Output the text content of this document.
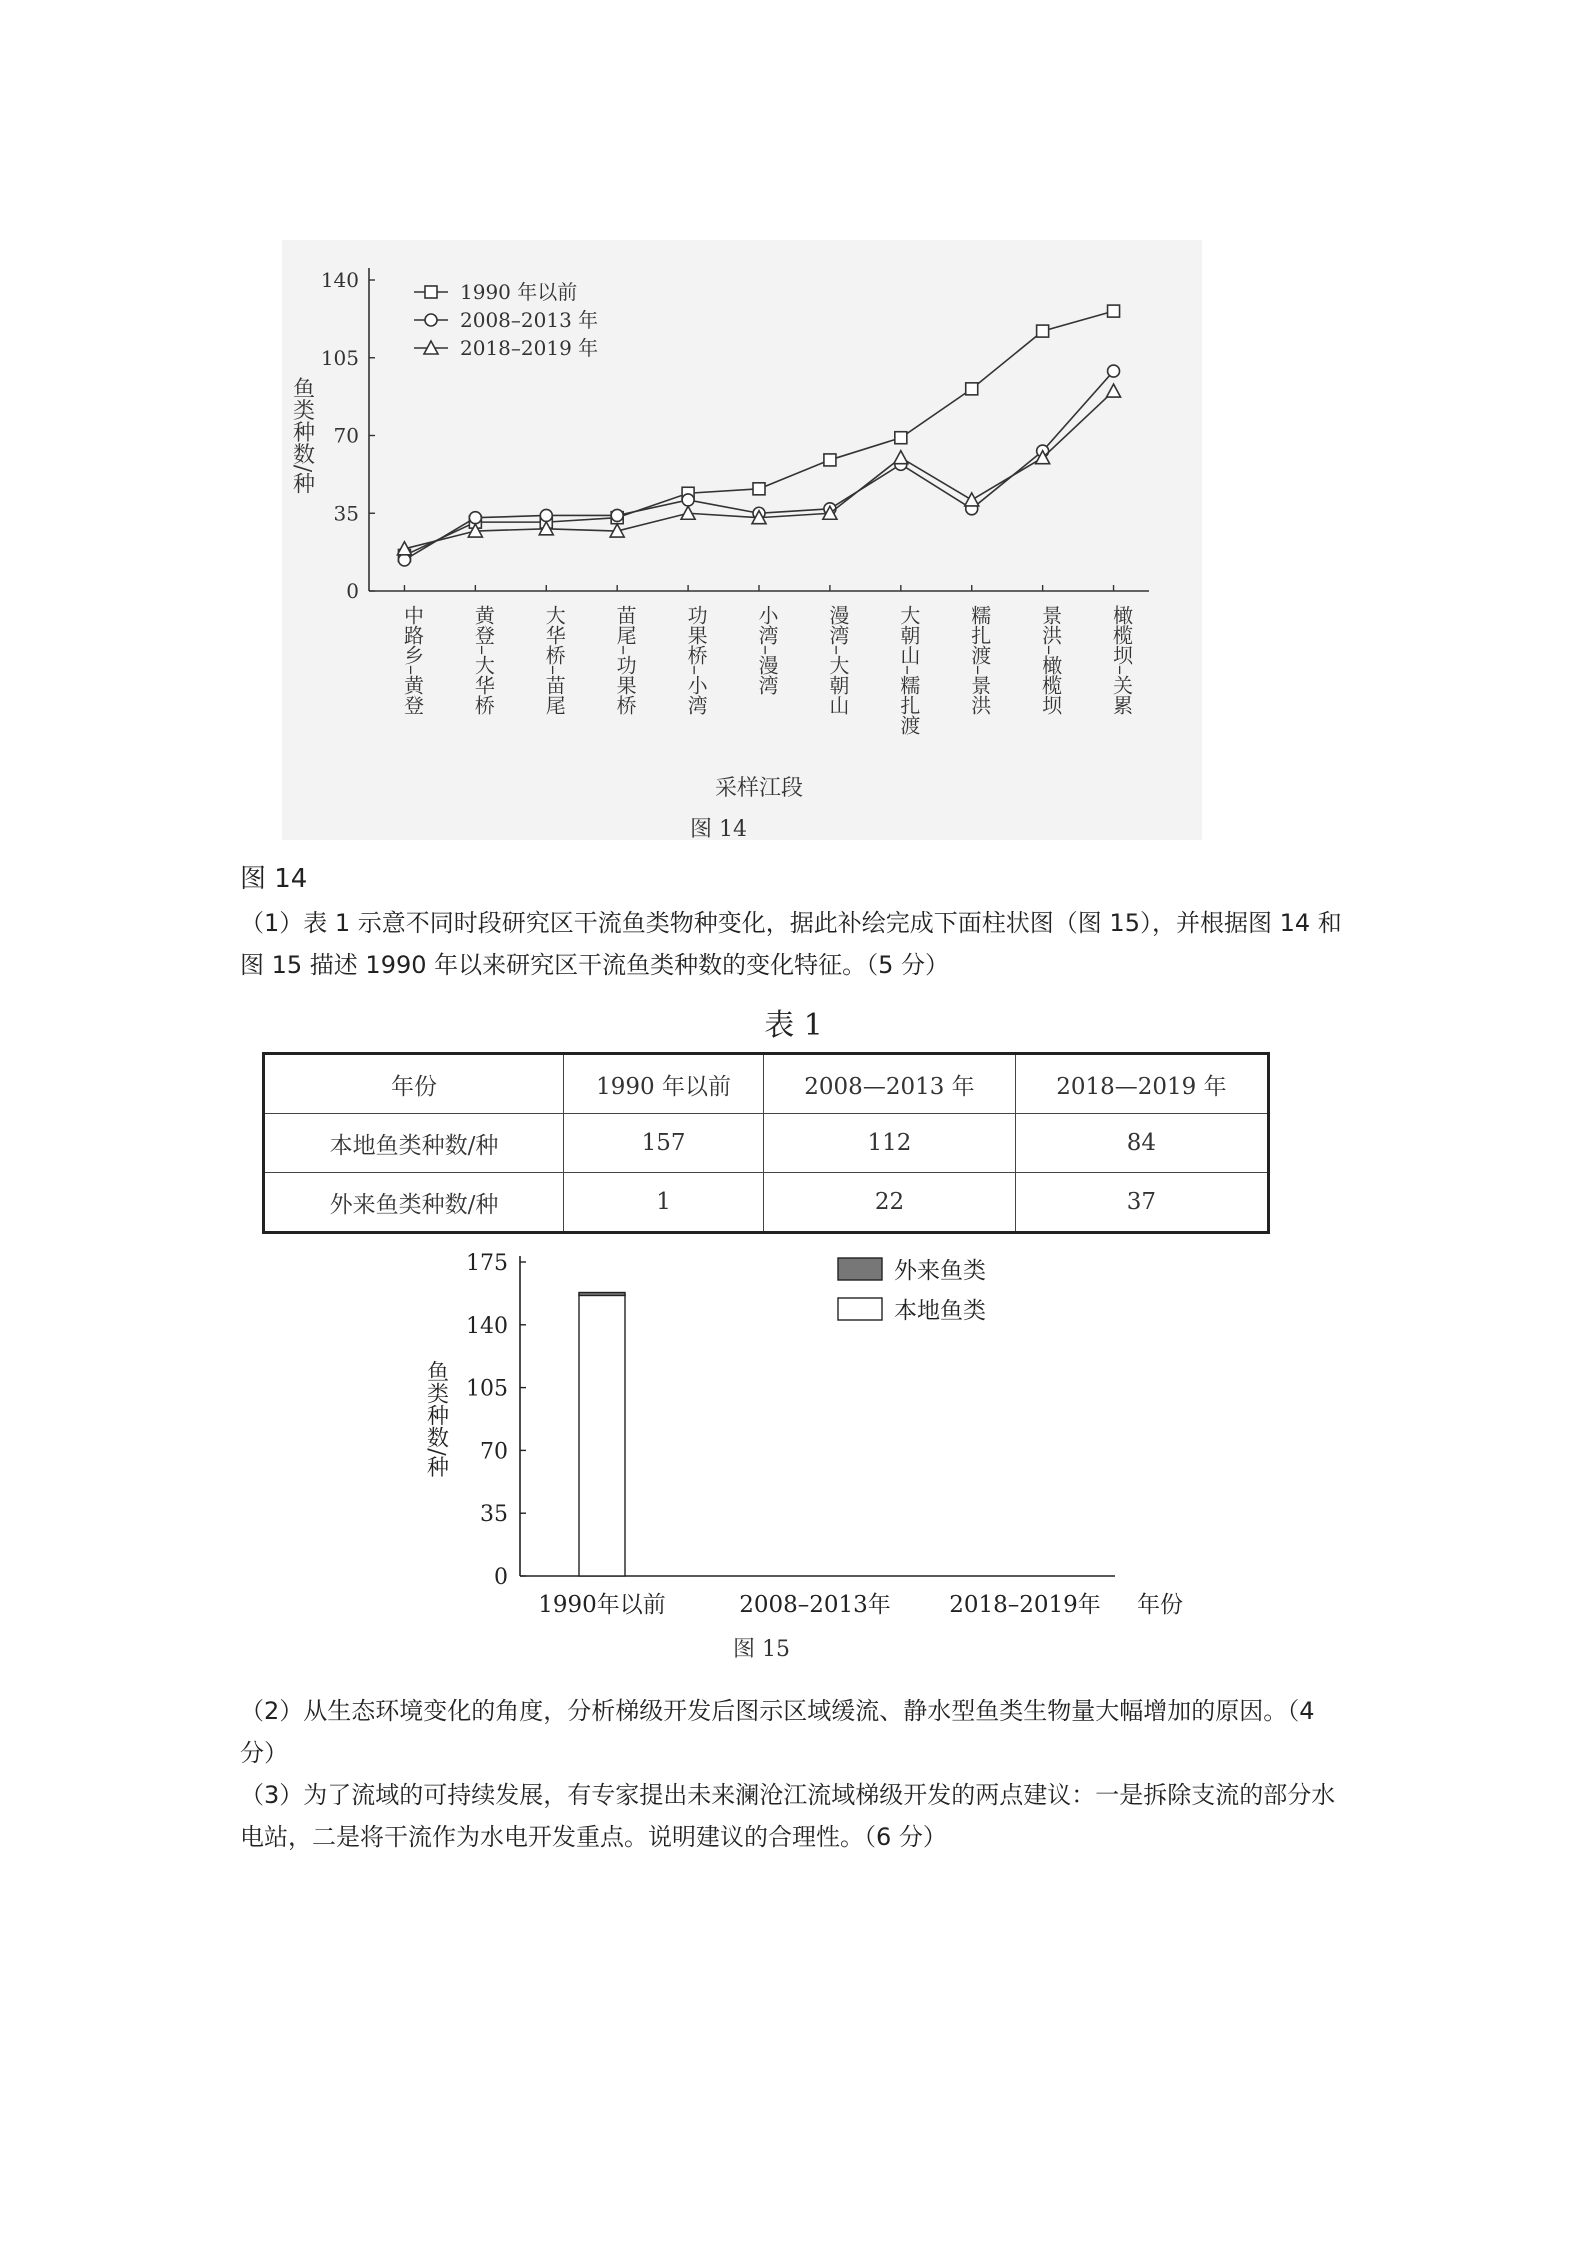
0
35
70
105
140
中路乡–黄登 黄登–大华桥 大华桥–苗尾 苗尾–功果桥 功果桥–小湾 小湾–漫湾 漫湾–大朝山 大朝山–糯扎渡 糯扎渡–景洪 景洪–橄榄坝 橄榄坝–关累
鱼类种数/种
采样江段
1990 年以前
2008–2013 年
2018–2019 年
图 14
图 14
（1）表 1 示意不同时段研究区干流鱼类物种变化，据此补绘完成下面柱状图（图 15），并根据图 14 和图 15 描述 1990 年以来研究区干流鱼类种数的变化特征。（5 分）
表 1
年份	1990 年以前	2008—2013 年	2018—2019 年
本地鱼类种数/种	157	112	84
外来鱼类种数/种	1	22	37
0
35
70
105
140
175
1990年以前	2008–2013年	2018–2019年 年份
鱼类种数/种
外来鱼类
本地鱼类
图 15
（2）从生态环境变化的角度，分析梯级开发后图示区域缓流、静水型鱼类生物量大幅增加的原因。（4 分）
（3）为了流域的可持续发展，有专家提出未来澜沧江流域梯级开发的两点建议：一是拆除支流的部分水电站，二是将干流作为水电开发重点。说明建议的合理性。（6 分）
